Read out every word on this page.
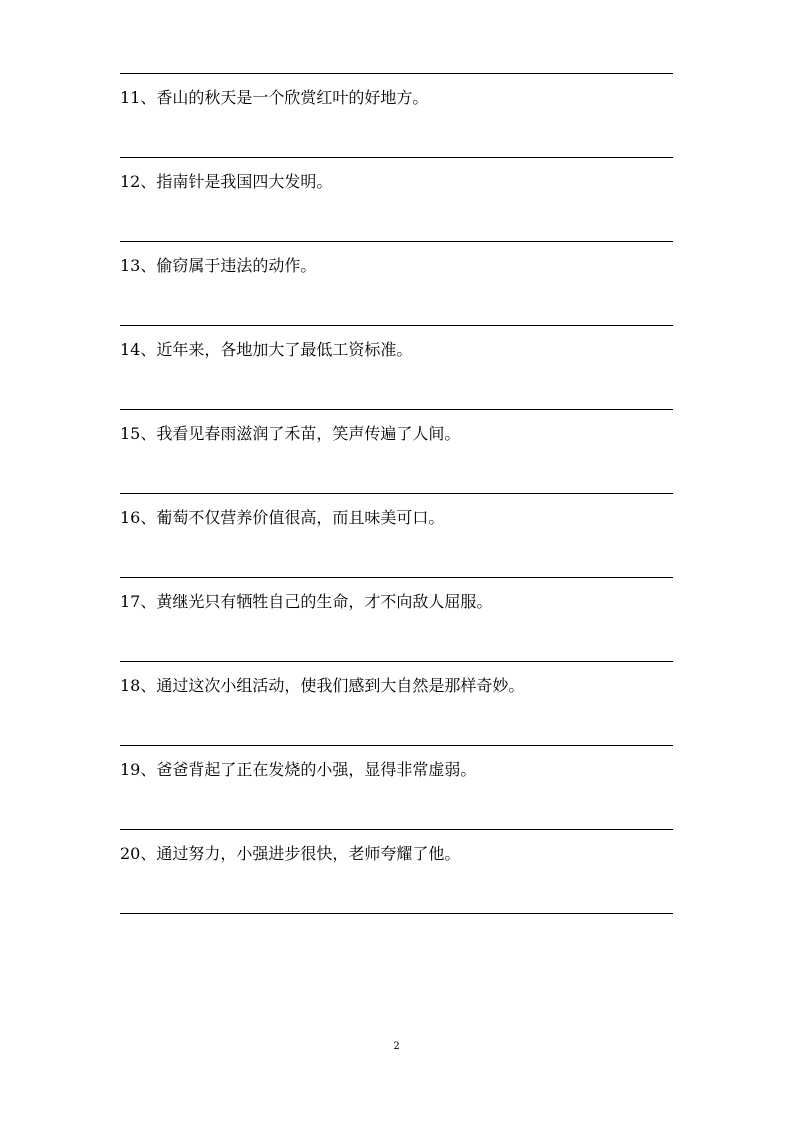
11、香山的秋天是一个欣赏红叶的好地方。
12、指南针是我国四大发明。
13、偷窃属于违法的动作。
14、近年来，各地加大了最低工资标准。
15、我看见春雨滋润了禾苗，笑声传遍了人间。
16、葡萄不仅营养价值很高，而且味美可口。
17、黄继光只有牺牲自己的生命，才不向敌人屈服。
18、通过这次小组活动，使我们感到大自然是那样奇妙。
19、爸爸背起了正在发烧的小强，显得非常虚弱。
20、通过努力，小强进步很快，老师夸耀了他。
2
